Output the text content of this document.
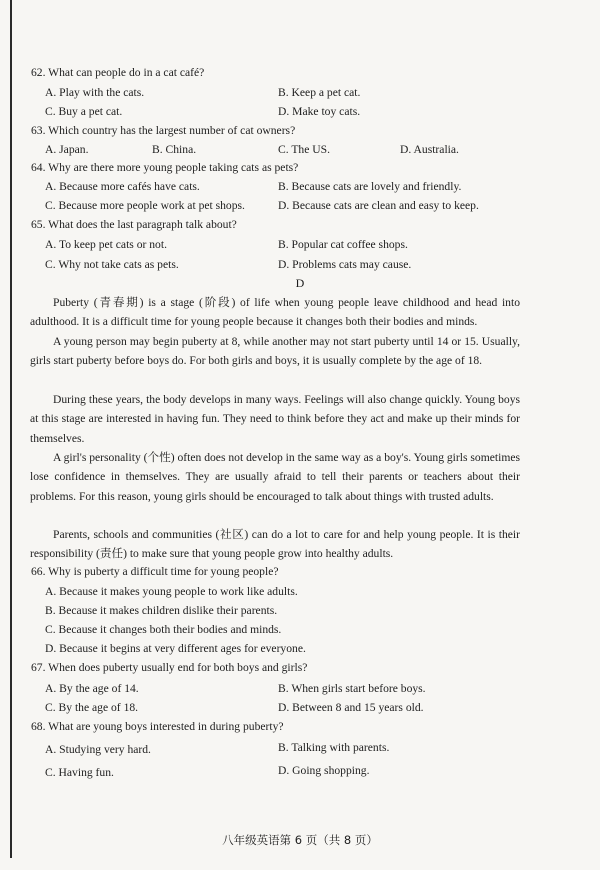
62. What can people do in a cat café?
A. Play with the cats.	B. Keep a pet cat.
C. Buy a pet cat.	D. Make toy cats.
63. Which country has the largest number of cat owners?
A. Japan.	B. China.	C. The US.	D. Australia.
64. Why are there more young people taking cats as pets?
A. Because more cafés have cats.	B. Because cats are lovely and friendly.
C. Because more people work at pet shops.	D. Because cats are clean and easy to keep.
65. What does the last paragraph talk about?
A. To keep pet cats or not.	B. Popular cat coffee shops.
C. Why not take cats as pets.	D. Problems cats may cause.
D
Puberty (青春期) is a stage (阶段) of life when young people leave childhood and head into adulthood. It is a difficult time for young people because it changes both their bodies and minds.
A young person may begin puberty at 8, while another may not start puberty until 14 or 15. Usually, girls start puberty before boys do. For both girls and boys, it is usually complete by the age of 18.
During these years, the body develops in many ways. Feelings will also change quickly. Young boys at this stage are interested in having fun. They need to think before they act and make up their minds for themselves.
A girl's personality (个性) often does not develop in the same way as a boy's. Young girls sometimes lose confidence in themselves. They are usually afraid to tell their parents or teachers about their problems. For this reason, young girls should be encouraged to talk about things with trusted adults.
Parents, schools and communities (社区) can do a lot to care for and help young people. It is their responsibility (责任) to make sure that young people grow into healthy adults.
66. Why is puberty a difficult time for young people?
A. Because it makes young people to work like adults.
B. Because it makes children dislike their parents.
C. Because it changes both their bodies and minds.
D. Because it begins at very different ages for everyone.
67. When does puberty usually end for both boys and girls?
A. By the age of 14.	B. When girls start before boys.
C. By the age of 18.	D. Between 8 and 15 years old.
68. What are young boys interested in during puberty?
A. Studying very hard.	B. Talking with parents.
C. Having fun.	D. Going shopping.
八年级英语第 6 页（共 8 页）
